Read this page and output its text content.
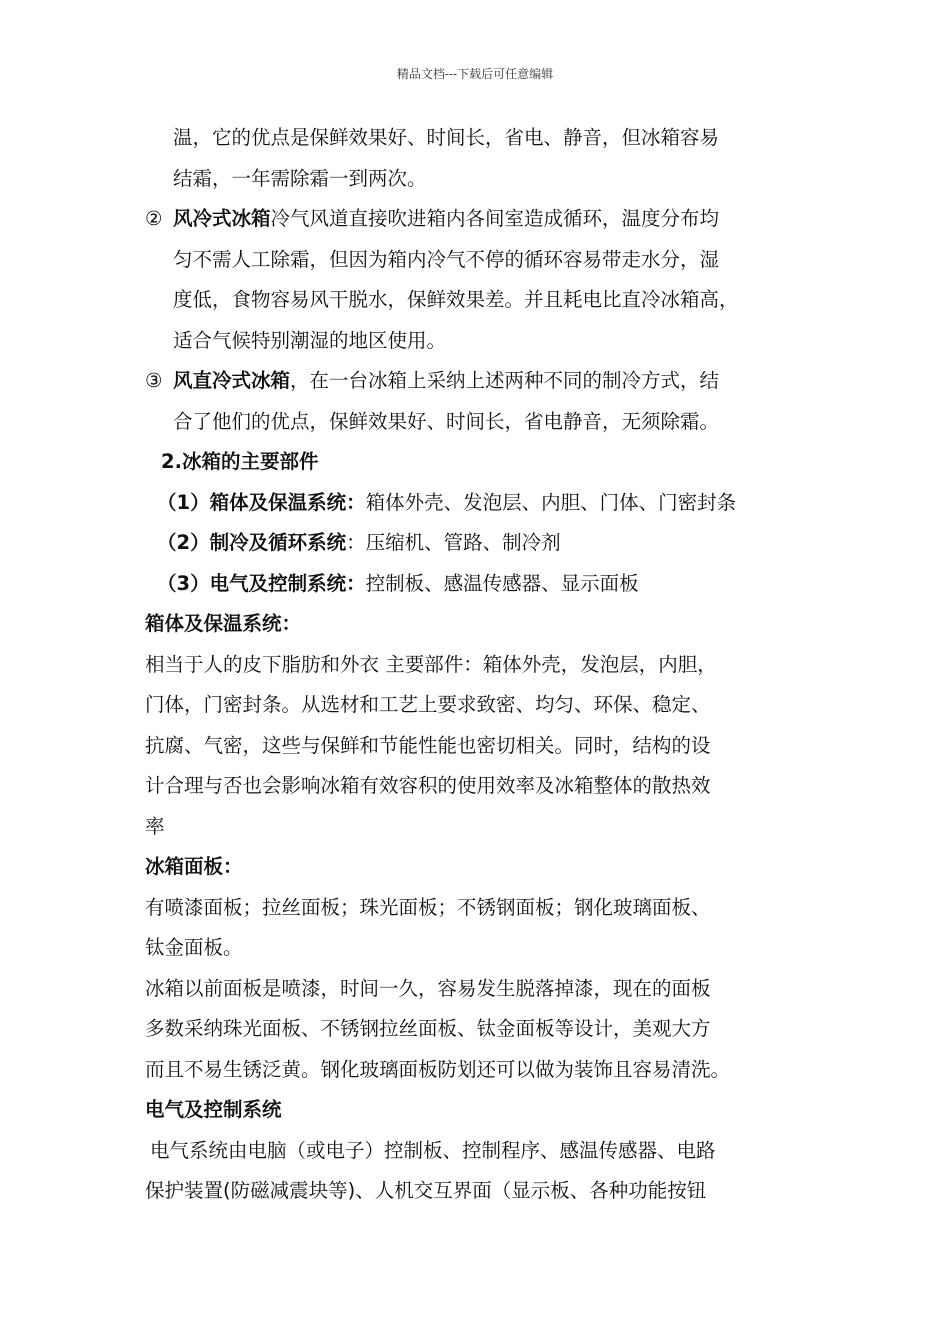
精品文档---下载后可任意编辑
温，它的优点是保鲜效果好、时间长，省电、静音，但冰箱容易
结霜，一年需除霜一到两次。
② 风冷式冰箱冷气风道直接吹进箱内各间室造成循环，温度分布均
匀不需人工除霜，但因为箱内冷气不停的循环容易带走水分，湿
度低，食物容易风干脱水，保鲜效果差。并且耗电比直冷冰箱高，
适合气候特别潮湿的地区使用。
③ 风直冷式冰箱，在一台冰箱上采纳上述两种不同的制冷方式，结
合了他们的优点，保鲜效果好、时间长，省电静音，无须除霜。
2.冰箱的主要部件
（1）箱体及保温系统：箱体外壳、发泡层、内胆、门体、门密封条
（2）制冷及循环系统：压缩机、管路、制冷剂
（3）电气及控制系统：控制板、感温传感器、显示面板
箱体及保温系统：
相当于人的皮下脂肪和外衣 主要部件：箱体外壳，发泡层，内胆，
门体，门密封条。从选材和工艺上要求致密、均匀、环保、稳定、
抗腐、气密，这些与保鲜和节能性能也密切相关。同时，结构的设
计合理与否也会影响冰箱有效容积的使用效率及冰箱整体的散热效
率
冰箱面板：
有喷漆面板；拉丝面板；珠光面板；不锈钢面板；钢化玻璃面板、
钛金面板。
冰箱以前面板是喷漆，时间一久，容易发生脱落掉漆，现在的面板
多数采纳珠光面板、不锈钢拉丝面板、钛金面板等设计，美观大方
而且不易生锈泛黄。钢化玻璃面板防划还可以做为装饰且容易清洗。
电气及控制系统
电气系统由电脑（或电子）控制板、控制程序、感温传感器、电路
保护装置(防磁减震块等)、人机交互界面（显示板、各种功能按钮
